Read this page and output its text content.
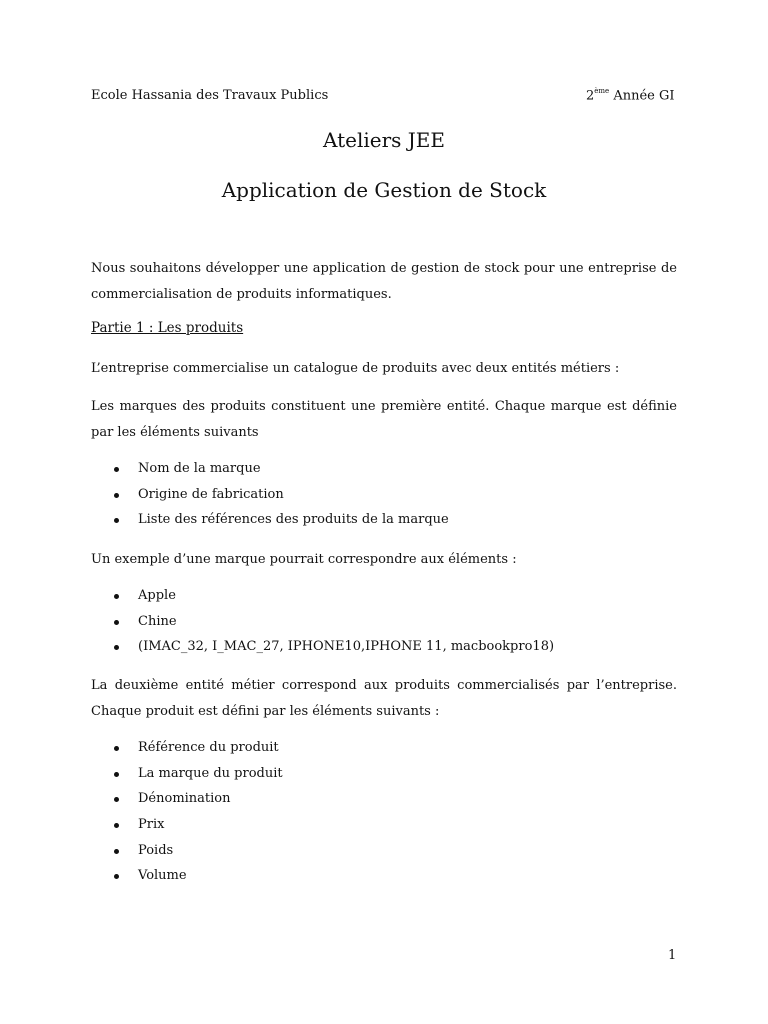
Ecole Hassania des Travaux Publics	2ème Année GI
Ateliers JEE
Application de Gestion de Stock
Nous souhaitons développer une application de gestion de stock pour une entreprise de commercialisation de produits informatiques.
Partie 1 : Les produits
L’entreprise commercialise un catalogue de produits avec deux entités métiers :
Les marques des produits constituent une première entité. Chaque marque est définie par les éléments suivants
Nom de la marque
Origine de fabrication
Liste des références des produits de la marque
Un exemple d’une marque pourrait correspondre aux éléments :
Apple
Chine
(IMAC_32, I_MAC_27, IPHONE10,IPHONE 11, macbookpro18)
La deuxième entité métier correspond aux produits commercialisés par l’entreprise. Chaque produit est défini par les éléments suivants :
Référence du produit
La marque du produit
Dénomination
Prix
Poids
Volume
1
